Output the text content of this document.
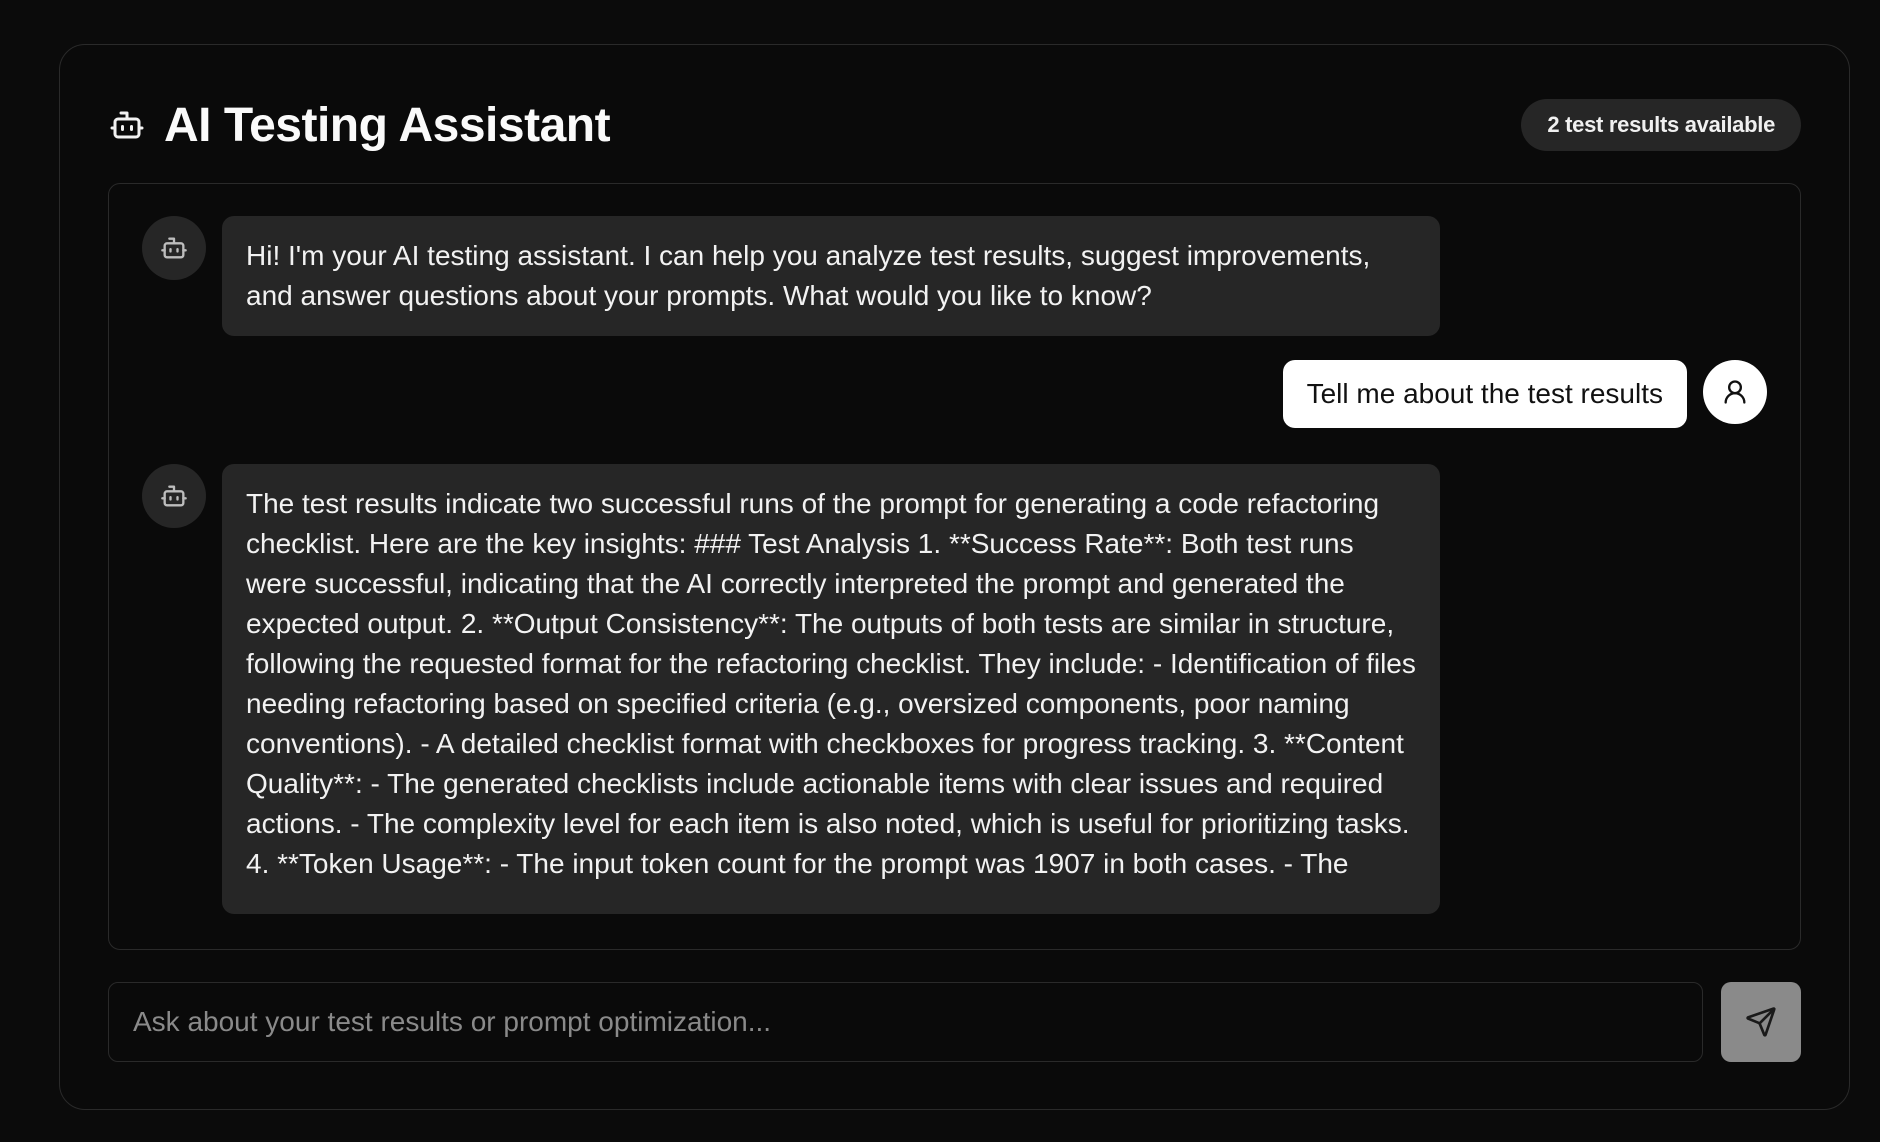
AI Testing Assistant	2 test results available
Hi! I'm your AI testing assistant. I can help you analyze test results, suggest improvements, and answer questions about your prompts. What would you like to know?
Tell me about the test results
The test results indicate two successful runs of the prompt for generating a code refactoring checklist. Here are the key insights: ### Test Analysis 1. **Success Rate**: Both test runs were successful, indicating that the AI correctly interpreted the prompt and generated the expected output. 2. **Output Consistency**: The outputs of both tests are similar in structure, following the requested format for the refactoring checklist. They include: - Identification of files needing refactoring based on specified criteria (e.g., oversized components, poor naming conventions). - A detailed checklist format with checkboxes for progress tracking. 3. **Content Quality**: - The generated checklists include actionable items with clear issues and required actions. - The complexity level for each item is also noted, which is useful for prioritizing tasks. 4. **Token Usage**: - The input token count for the prompt was 1907 in both cases. - The
Ask about your test results or prompt optimization...
